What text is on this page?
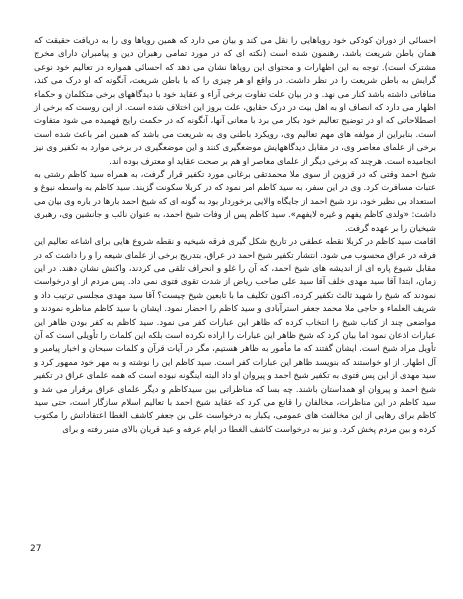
احسائی از دوران کودکی خود رویاهایی را نقل می کند و بیان می دارد که همین رویاها وی را به دریافت حقیقت که همان باطن شریعت باشد، رهنمون شده است (نکته ای که در مورد تمامی رهبران دین و پیامبران دارای مخرج مشترک است). توجه به این اظهارات و محتوای این رویاها نشان می دهد که احسائی همواره در تعالیم خود نوعی گرایش به باطن شریعت را در نظر داشت. در واقع او هر چیزی را که با باطن شریعت، آنگونه که او درک می کند، منافاتی داشته باشد کنار می نهد. و در بیان علت تفاوت برخی آراء و عقاید خود با دیدگاههای برخی متکلمان و حکماء اظهار می دارد که انصاف او به اهل بیت در درک حقایق، علت بروز این اختلاف شده است. از این روست که برخی از اصطلاحاتی که او در توضیح تعالیم خود بکار می برد با معانی آنها، آنگونه که در حکمت رایج فهمیده می شود متفاوت است. بنابراین از مولفه های مهم تعالیم وی، رویکرد باطنی وی به شریعت می باشد که همین امر باعث شده است برخی از علمای معاصر وی، در مقابل دیدگاههایش موضعگیری کنند و این موضعگیری در برخی موارد به تکفیر وی نیز انجامیده است. هرچند که برخی دیگر از علمای معاصر او هم بر صحت عقاید او معترف بوده اند.

شیخ احمد وقتی که در قزوین از سوی ملا محمدتقی برغانی مورد تکفیر قرار گرفت، به همراه سید کاظم رشتی به عتبات مسافرت کرد. وی در این سفر، به سید کاظم امر نمود که در کربلا سکونت گزیند. سید کاظم به واسطه نبوغ و استعداد بی نظیر خود، نزد شیخ احمد از جایگاه والایی برخوردار بود به گونه ای که شیخ احمد بارها در باره وی بیان می داشت: «ولدی کاظم یفهم و غیره لایفهم». سید کاظم پس از وفات شیخ احمد، به عنوان نائب و جانشین وی، رهبری شیخیان را بر عهده گرفت.

اقامت سید کاظم در کربلا نقطه عطفی در تاریخ شکل گیری فرقه شیخیه و نقطه شروع هایی برای اشاعه تعالیم این فرقه در عراق محسوب می شود. انتشار تکفیر شیخ احمد در عراق، بتدریج برخی از علمای شیعه را و را داشت که در مقابل شیوع پاره ای از اندیشه های شیخ احمد، که آن را غلو و انحراف تلقی می کردند، واکنش نشان دهند. در این زمان، ابتدا آقا سید مهدی خلف آقا سید علی صاحب ریاض از شدت تقوی فتوی نمی داد. پس مردم از او درخواست نمودند که شیخ را شهید ثالث تکفیر کرده، اکنون تکلیف ما با تابعین شیخ چیست؟ آقا سید مهدی مجلسی ترتیب داد و شریف العلماء و حاجی ملا محمد جعفر استرآبادی و سید کاظم را احضار نمود. ایشان با سید کاظم مناظره نمودند و مواضعی چند از کتاب شیخ را انتخاب کرده که ظاهر این عبارات کفر می نمود. سید کاظم به کفر بودن ظاهر این عبارات اذعان نمود اما بیان کرد که شیخ ظاهر این عبارات را اراده نکرده است بلکه این کلمات را تأویلی است که آن تأویل مراد شیخ است. ایشان گفتند که ما مأمور به ظاهر هستیم، مگر در آیات قرآن و کلمات سبحان و اخبار پیامبر و آل اطهار. از او خواستند که بنویسد ظاهر این عبارات کفر است. سید کاظم این را نوشته و به مهر خود ممهور کرد و سید مهدی از این پس فتوی به تکفیر شیخ احمد و پیروان او داد البته اینگونه نبوده است که همه علمای عراق در تکفیر شیخ احمد و پیروان او همداستان باشند. چه بسا که مناظراتی بین سیدکاظم و دیگر علمای عراق برقرار می شد و سید کاظم در این مناظرات، مخالفان را قانع می کرد که عقاید شیخ احمد با تعالیم اسلام سازگار است، حتی سید کاظم برای رهایی از این مخالفت های عمومی، یکبار به درخواست علی بن جعفر کاشف الغطا اعتقاداتش را مکتوب کرده و بین مردم پخش کرد. و نیز به درخواست کاشف الغطا در ایام عرفه و عید قربان بالای منبر رفته و برای

27
